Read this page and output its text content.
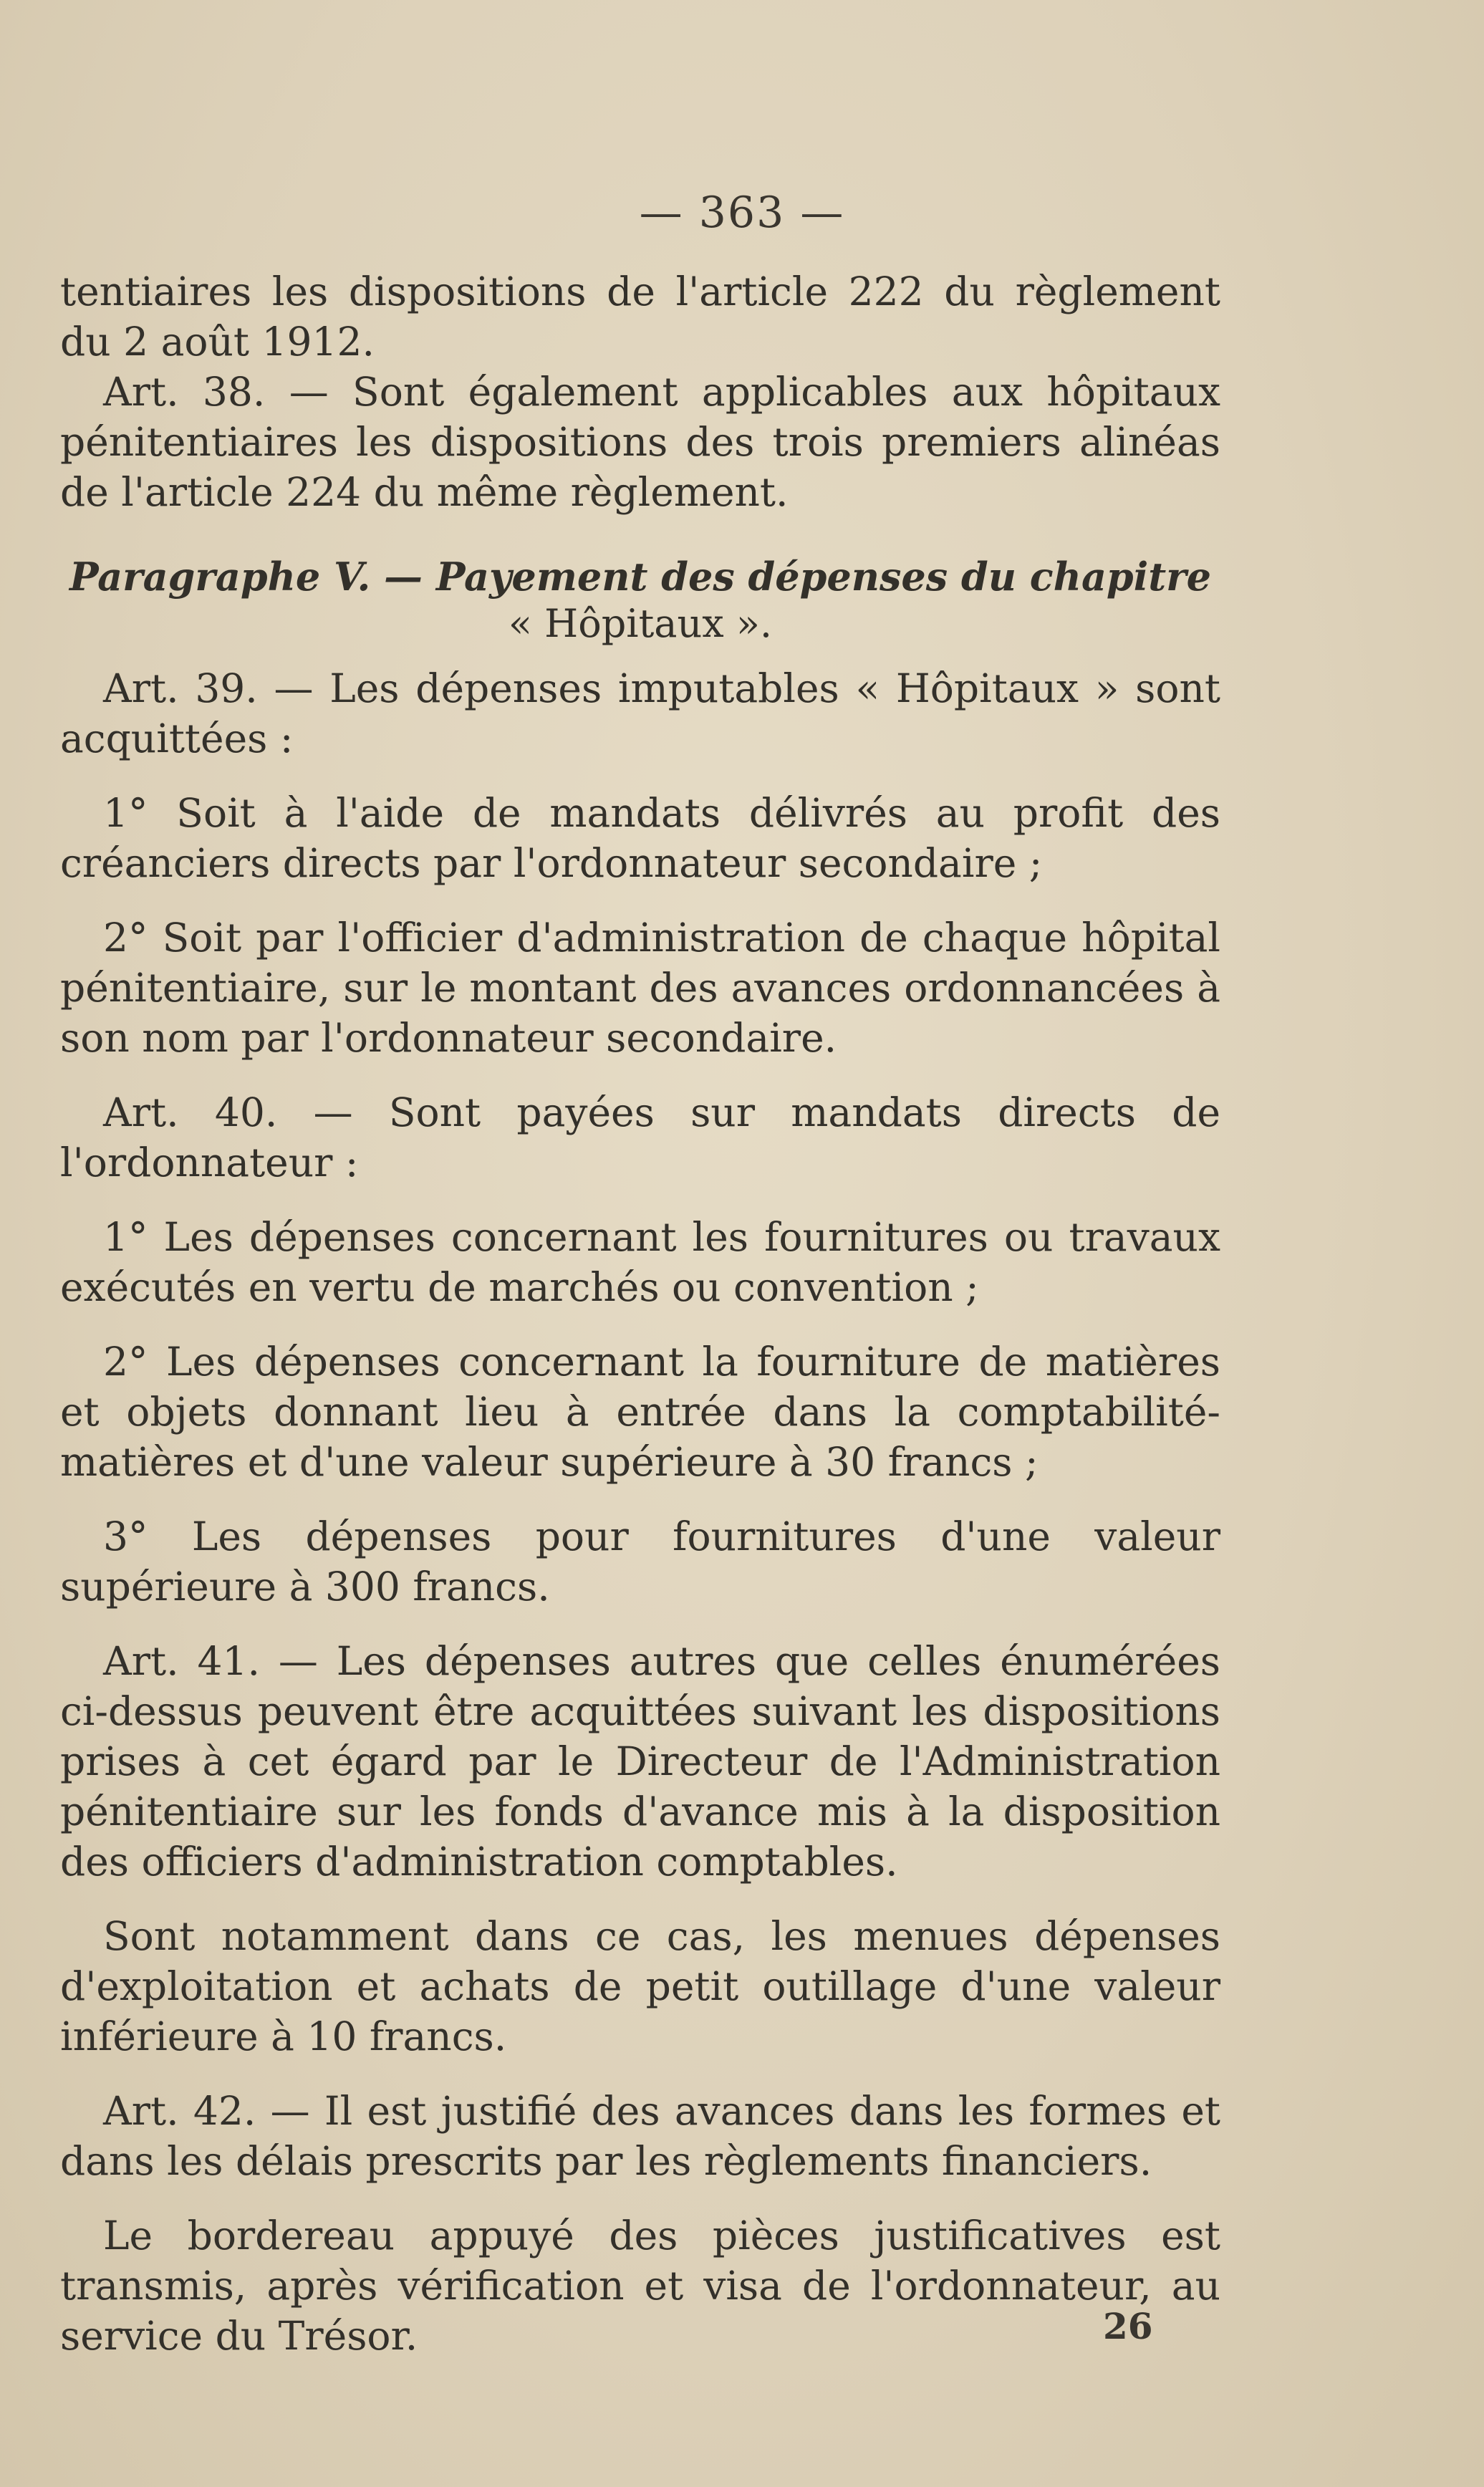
— 363 —

tentiaires les dispositions de l'article 222 du règlement du 2 août 1912.

Art. 38. — Sont également applicables aux hôpitaux pénitentiaires les dispositions des trois premiers alinéas de l'article 224 du même règlement.

Paragraphe V. — Payement des dépenses du chapitre
« Hôpitaux ».

Art. 39. — Les dépenses imputables « Hôpitaux » sont acquittées :

1° Soit à l'aide de mandats délivrés au profit des créanciers directs par l'ordonnateur secondaire ;

2° Soit par l'officier d'administration de chaque hôpital pénitentiaire, sur le montant des avances ordonnancées à son nom par l'ordonnateur secondaire.

Art. 40. — Sont payées sur mandats directs de l'ordonnateur :

1° Les dépenses concernant les fournitures ou travaux exécutés en vertu de marchés ou convention ;

2° Les dépenses concernant la fourniture de matières et objets donnant lieu à entrée dans la comptabilité-matières et d'une valeur supérieure à 30 francs ;

3° Les dépenses pour fournitures d'une valeur supérieure à 300 francs.

Art. 41. — Les dépenses autres que celles énumérées ci-dessus peuvent être acquittées suivant les dispositions prises à cet égard par le Directeur de l'Administration pénitentiaire sur les fonds d'avance mis à la disposition des officiers d'administration comptables.

Sont notamment dans ce cas, les menues dépenses d'exploitation et achats de petit outillage d'une valeur inférieure à 10 francs.

Art. 42. — Il est justifié des avances dans les formes et dans les délais prescrits par les règlements financiers.

Le bordereau appuyé des pièces justificatives est transmis, après vérification et visa de l'ordonnateur, au service du Trésor.	26
